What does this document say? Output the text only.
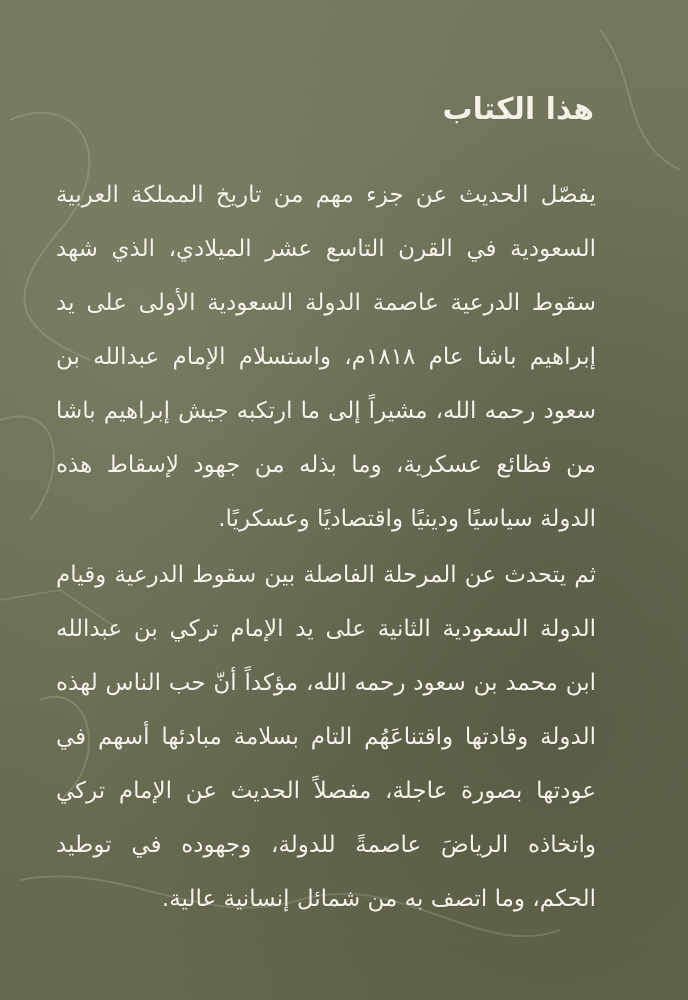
هذا الكتاب
يفصّل الحديث عن جزء مهم من تاريخ المملكة العربية
السعودية في القرن التاسع عشر الميلادي، الذي شهد
سقوط الدرعية عاصمة الدولة السعودية الأولى على يد
إبراهيم باشا عام ١٨١٨م، واستسلام الإمام عبدالله بن
سعود رحمه الله، مشيراً إلى ما ارتكبه جيش إبراهيم باشا
من فظائع عسكرية، وما بذله من جهود لإسقاط هذه
الدولة سياسيًا ودينيًا واقتصاديًا وعسكريًا.
ثم يتحدث عن المرحلة الفاصلة بين سقوط الدرعية وقيام
الدولة السعودية الثانية على يد الإمام تركي بن عبدالله
ابن محمد بن سعود رحمه الله، مؤكداً أنّ حب الناس لهذه
الدولة وقادتها واقتناعَهُم التام بسلامة مبادئها أسهم في
عودتها بصورة عاجلة، مفصلاً الحديث عن الإمام تركي
واتخاذه الرياضَ عاصمةً للدولة، وجهوده في توطيد
الحكم، وما اتصف به من شمائل إنسانية عالية.
